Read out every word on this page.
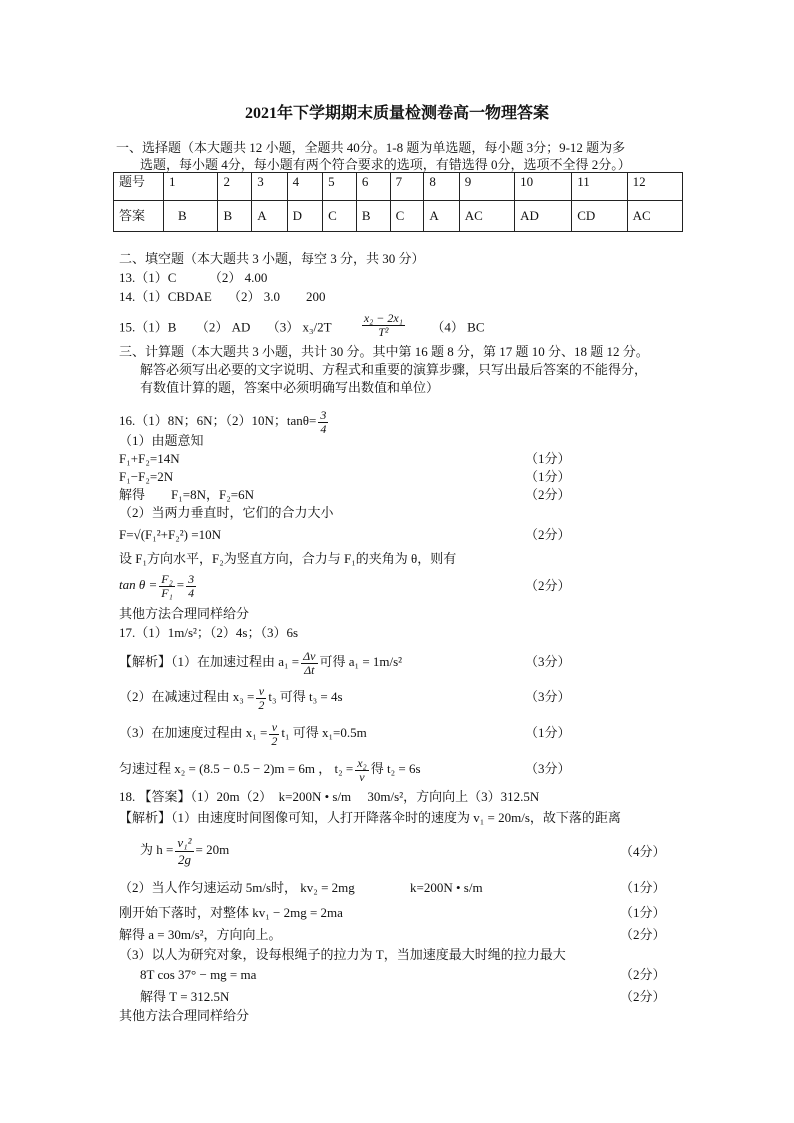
2021年下学期期末质量检测卷高一物理答案
一、选择题（本大题共 12 小题，全题共 40分。1-8 题为单选题，每小题 3分；9-12 题为多
选题，每小题 4分，每小题有两个符合要求的选项，有错选得 0分，选项不全得 2分。）
题号	1	2	3	4	5	6	7	8	9	10	11	12
答案	B	B	A	D	C	B	C	A	AC	AD	CD	AC
二、填空题（本大题共 3 小题，每空 3 分，共 30 分）
13.（1）C　　　（2） 4.00
14.（1）CBDAE　 （2） 3.0　　200
15.（1）B　　（2） AD　 （3） x₃/2T	$\frac{\text{x₂ − 2x₁}}{\text{T²}} (4)$ BC
三、计算题（本大题共 3 小题，共计 30 分。其中第 16 题 8 分，第 17 题 10 分、18 题 12 分。
解答必须写出必要的文字说明、方程式和重要的演算步骤，只写出最后答案的不能得分，
有数值计算的题，答案中必须明确写出数值和单位）
16.（1）8N；6N；（2）10N；$\tan\theta= \frac{3}{4}$
（1）由题意知
F₁+F₂=14N	（1分）
F₁−F₂=2N	（1分）
解得　　F₁=8N，F₂=6N	（2分）
（2）当两力垂直时，它们的合力大小
F=√(F₁²+F₂²) =10N	（2分）
设 F₁方向水平，F₂为竖直方向，合力与 F₁的夹角为 θ，则有
$\tan \theta = \frac{\text{F₂}}{\text{F₁}} = \frac{3}{4}$	（2分）
其他方法合理同样给分
17.（1）1m/s²；（2）4s；（3）6s
【解析】（1）在加速过程由 $a_1 = \frac{\Delta v}{\Delta t}$ 可得 a₁ = 1m/s²	（3分）
（2）在减速过程由 $x_3 = \frac{v}{2} t_3$ 可得 t₃ = 4s	（3分）
（3）在加速度过程由 $x_1 = \frac{v}{2} t_1$ 可得 x₁=0.5m	（1分）
匀速过程 x₂ = (8.5 − 0.5 − 2)m = 6m ， $t_2 = \frac{\text{x₂}}{v}$ 得 t₂ = 6s	（3分）
18. 【答案】（1）20m（2）　k=200N • s/m　 30m/s²，方向向上（3）312.5N
【解析】（1）由速度时间图像可知，人打开降落伞时的速度为 v₁ = 20m/s，故下落的距离
为 $h = \frac{\text{v₁²}}{2g} = 20m$	（4分）
（2）当人作匀速运动 5m/s时， kv₂ = 2mg　　　　 k=200N • s/m	（1分）
刚开始下落时，对整体 kv₁ − 2mg = 2ma	（1分）
解得 a = 30m/s²，方向向上。	（2分）
（3）以人为研究对象，设每根绳子的拉力为 T，当加速度最大时绳的拉力最大
8T cos 37° − mg = ma	（2分）
解得 T = 312.5N	（2分）
其他方法合理同样给分
